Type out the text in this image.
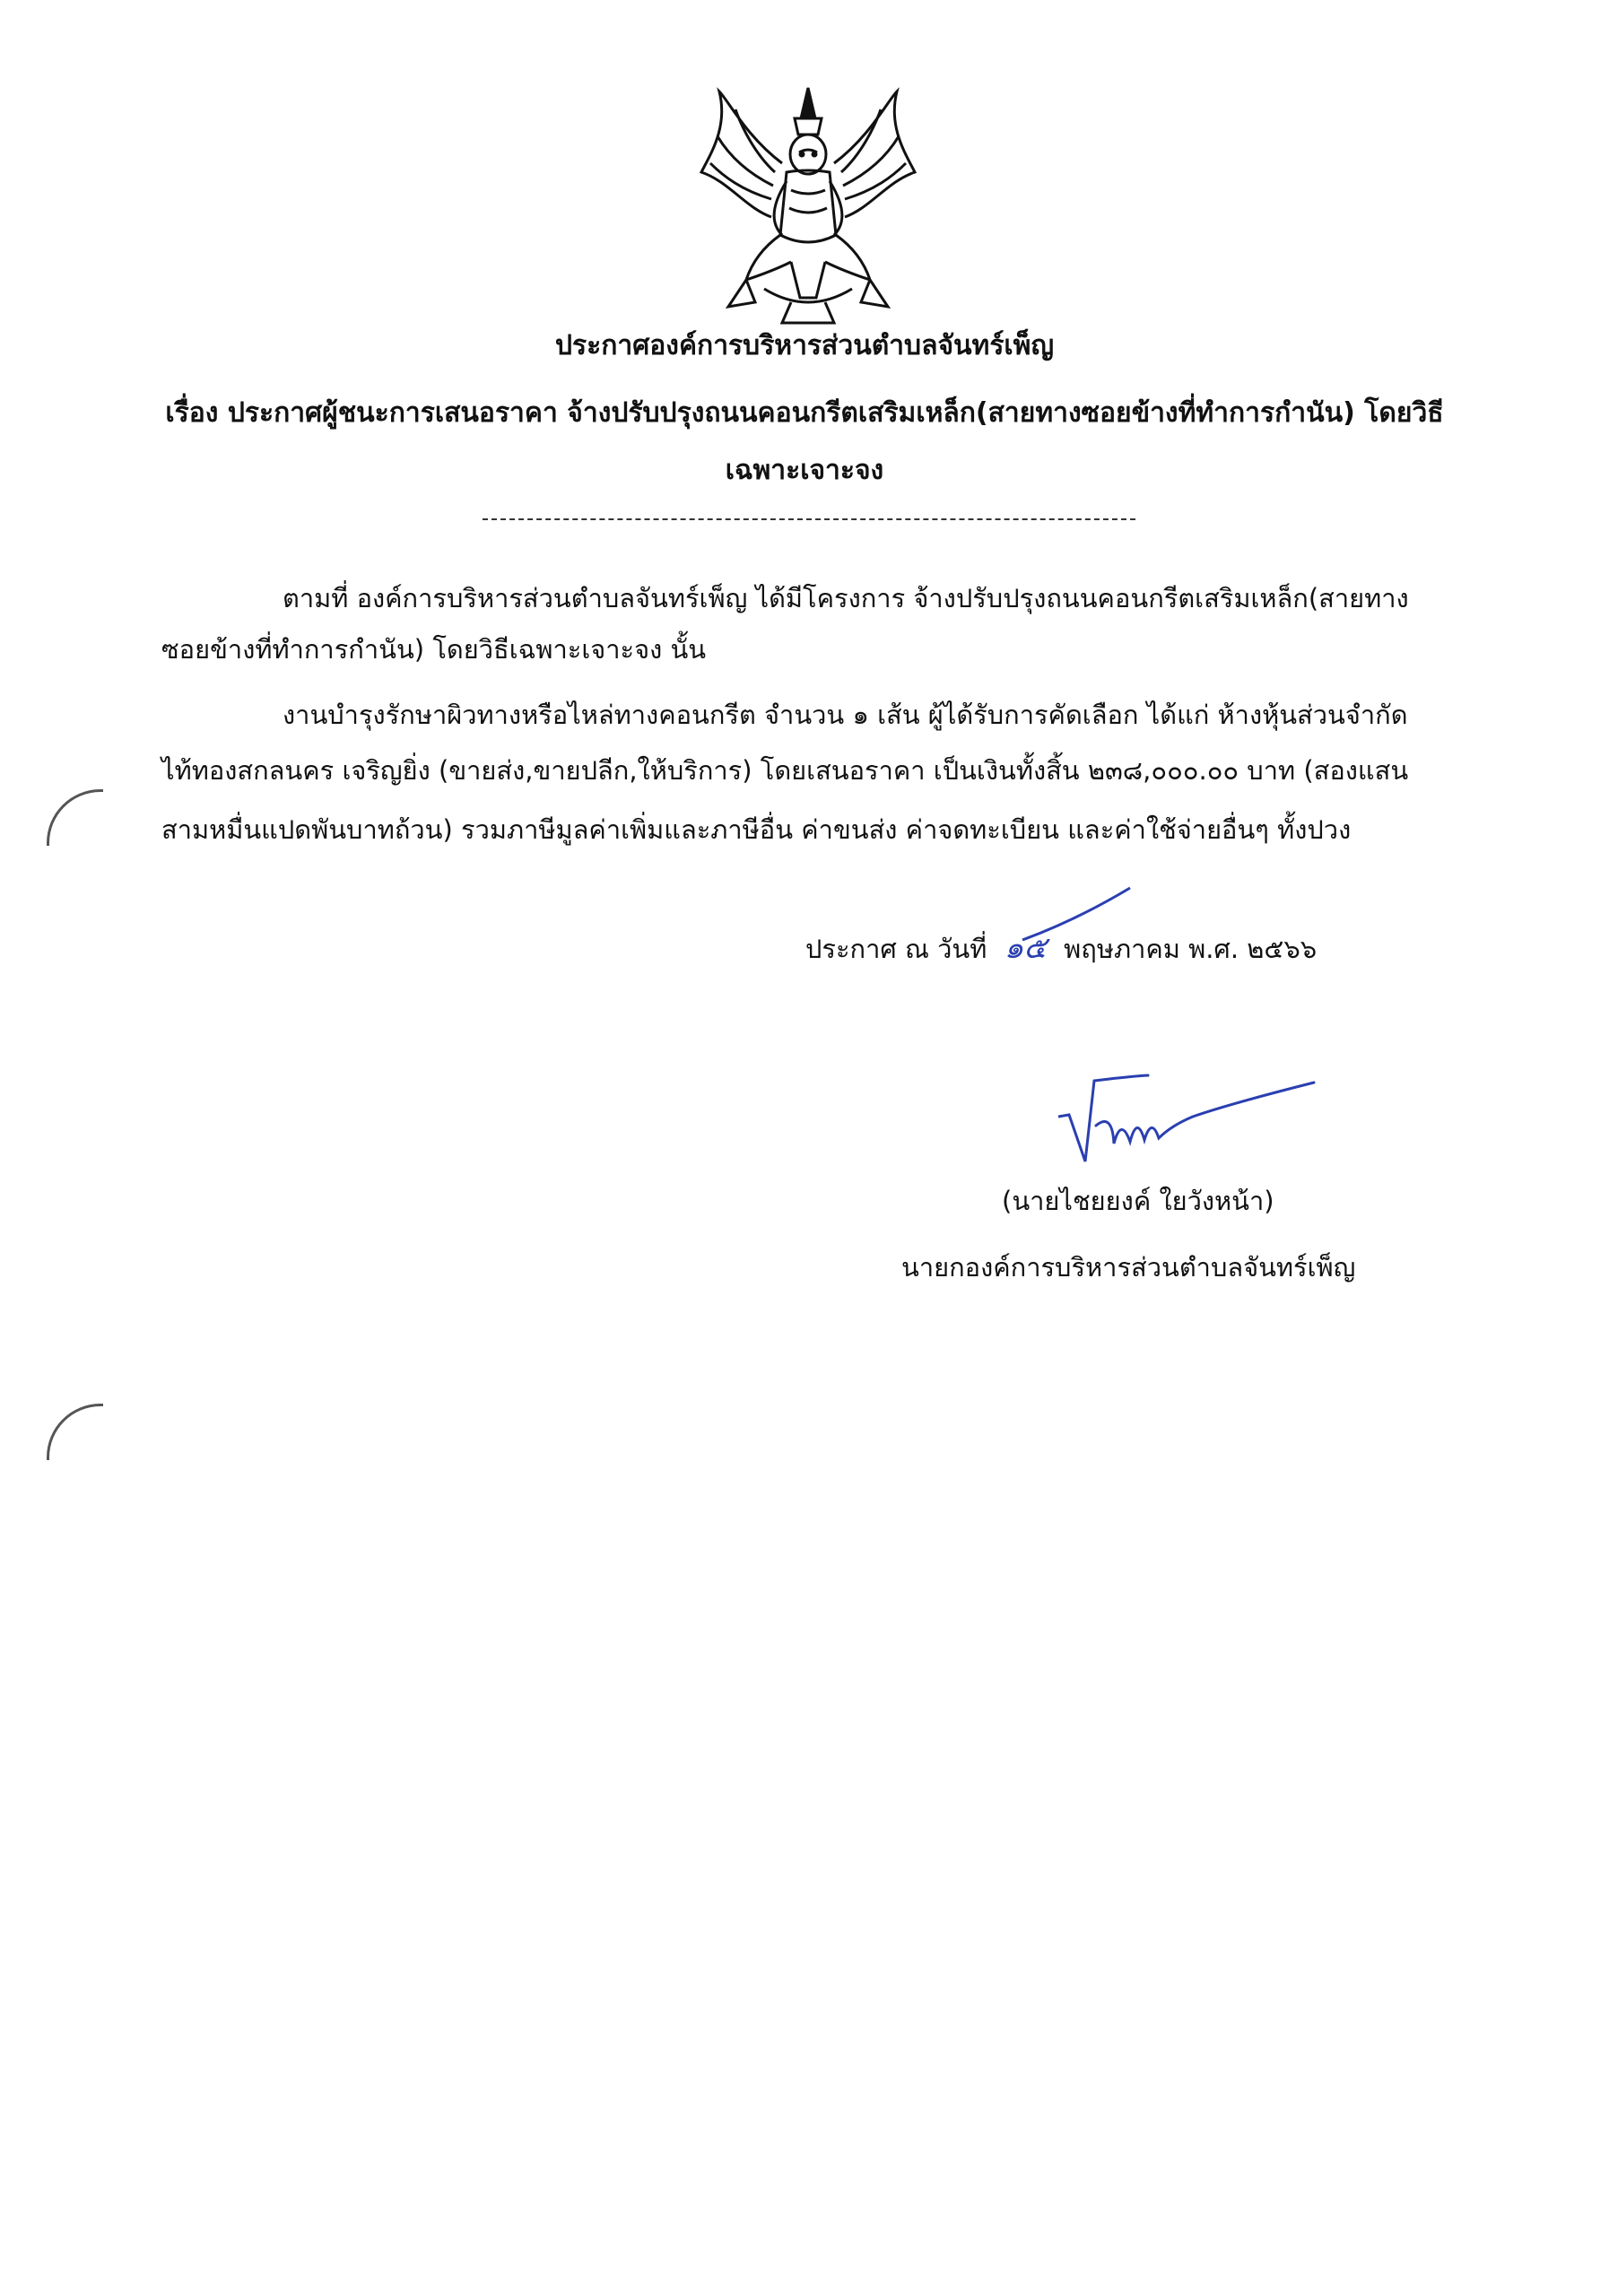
ประกาศองค์การบริหารส่วนตำบลจันทร์เพ็ญ
เรื่อง ประกาศผู้ชนะการเสนอราคา จ้างปรับปรุงถนนคอนกรีตเสริมเหล็ก(สายทางซอยข้างที่ทำการกำนัน) โดยวิธี
เฉพาะเจาะจง
ตามที่ องค์การบริหารส่วนตำบลจันทร์เพ็ญ ได้มีโครงการ จ้างปรับปรุงถนนคอนกรีตเสริมเหล็ก(สายทาง
ซอยข้างที่ทำการกำนัน) โดยวิธีเฉพาะเจาะจง นั้น
งานบำรุงรักษาผิวทางหรือไหล่ทางคอนกรีต จำนวน ๑ เส้น ผู้ได้รับการคัดเลือก ได้แก่ ห้างหุ้นส่วนจำกัด
ไท้ทองสกลนคร เจริญยิ่ง (ขายส่ง,ขายปลีก,ให้บริการ) โดยเสนอราคา เป็นเงินทั้งสิ้น ๒๓๘,๐๐๐.๐๐ บาท (สองแสน
สามหมื่นแปดพันบาทถ้วน) รวมภาษีมูลค่าเพิ่มและภาษีอื่น ค่าขนส่ง ค่าจดทะเบียน และค่าใช้จ่ายอื่นๆ ทั้งปวง
ประกาศ ณ วันที่ ๑๕ พฤษภาคม พ.ศ. ๒๕๖๖
(นายไชยยงค์ ใยวังหน้า)
นายกองค์การบริหารส่วนตำบลจันทร์เพ็ญ
